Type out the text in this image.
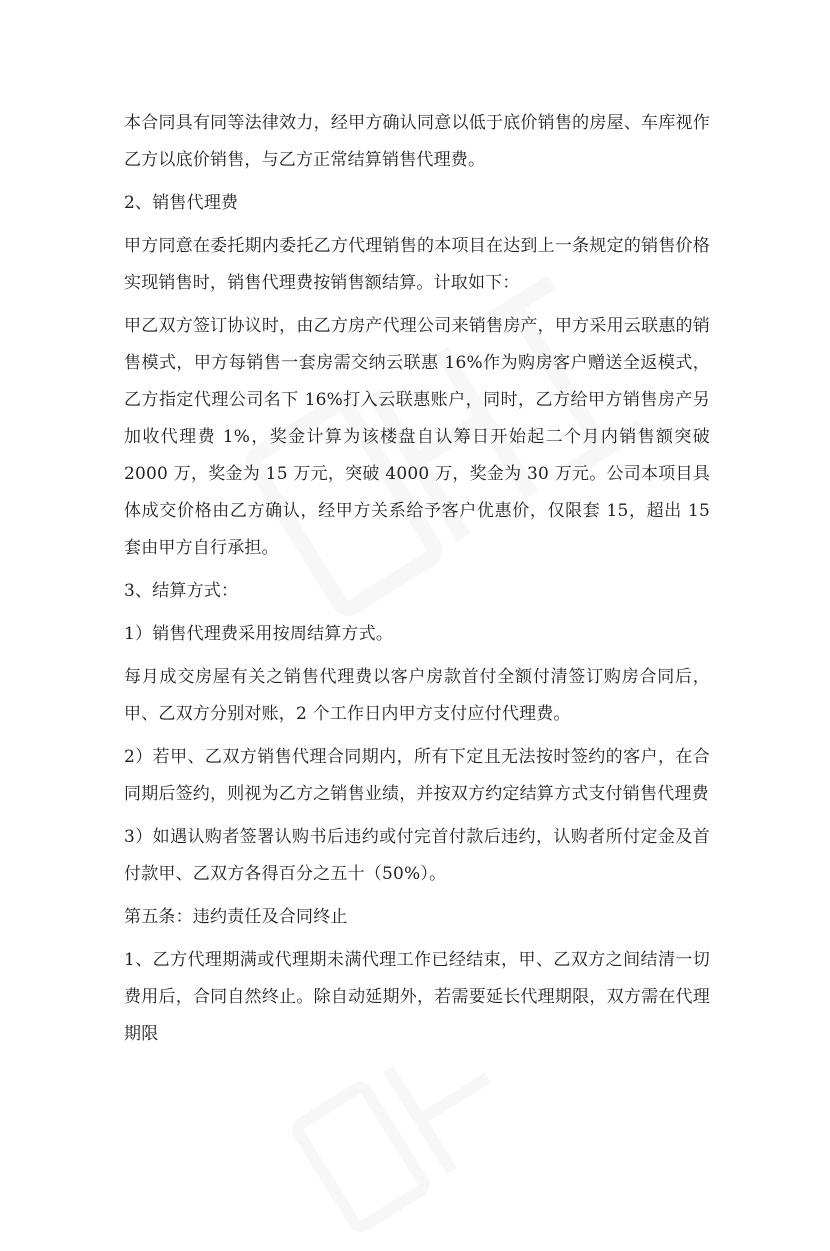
本合同具有同等法律效力，经甲方确认同意以低于底价销售的房屋、车库视作乙方以底价销售，与乙方正常结算销售代理费。

2、销售代理费

甲方同意在委托期内委托乙方代理销售的本项目在达到上一条规定的销售价格实现销售时，销售代理费按销售额结算。计取如下：

甲乙双方签订协议时，由乙方房产代理公司来销售房产，甲方采用云联惠的销售模式，甲方每销售一套房需交纳云联惠 16%作为购房客户赠送全返模式，乙方指定代理公司名下 16%打入云联惠账户，同时，乙方给甲方销售房产另加收代理费 1%，奖金计算为该楼盘自认筹日开始起二个月内销售额突破 2000 万，奖金为 15 万元，突破 4000 万，奖金为 30 万元。公司本项目具体成交价格由乙方确认，经甲方关系给予客户优惠价，仅限套 15，超出 15 套由甲方自行承担。

3、结算方式：

1）销售代理费采用按周结算方式。

每月成交房屋有关之销售代理费以客户房款首付全额付清签订购房合同后，甲、乙双方分别对账，2 个工作日内甲方支付应付代理费。

2）若甲、乙双方销售代理合同期内，所有下定且无法按时签约的客户，在合同期后签约，则视为乙方之销售业绩，并按双方约定结算方式支付销售代理费

3）如遇认购者签署认购书后违约或付完首付款后违约，认购者所付定金及首付款甲、乙双方各得百分之五十（50%）。

第五条：违约责任及合同终止

1、乙方代理期满或代理期未满代理工作已经结束，甲、乙双方之间结清一切费用后，合同自然终止。除自动延期外，若需要延长代理期限，双方需在代理期限
